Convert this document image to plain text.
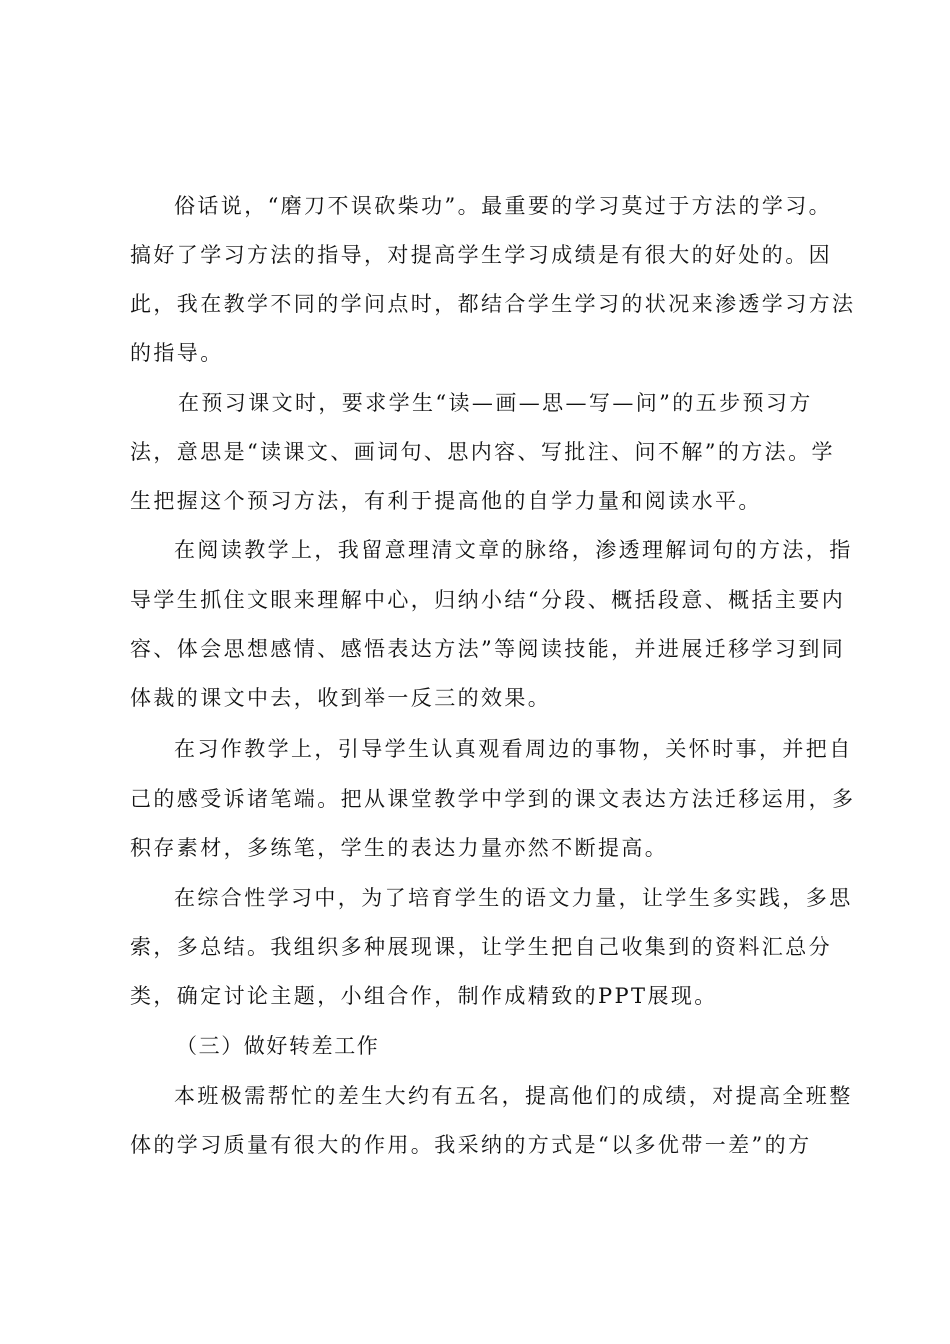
俗话说，“磨刀不误砍柴功”。最重要的学习莫过于方法的学习。
搞好了学习方法的指导，对提高学生学习成绩是有很大的好处的。因
此，我在教学不同的学问点时，都结合学生学习的状况来渗透学习方法
的指导。
在预习课文时，要求学生“读—画—思—写—问”的五步预习方
法，意思是“读课文、画词句、思内容、写批注、问不解”的方法。学
生把握这个预习方法，有利于提高他的自学力量和阅读水平。
在阅读教学上，我留意理清文章的脉络，渗透理解词句的方法，指
导学生抓住文眼来理解中心，归纳小结“分段、概括段意、概括主要内
容、体会思想感情、感悟表达方法”等阅读技能，并进展迁移学习到同
体裁的课文中去，收到举一反三的效果。
在习作教学上，引导学生认真观看周边的事物，关怀时事，并把自
己的感受诉诸笔端。把从课堂教学中学到的课文表达方法迁移运用，多
积存素材，多练笔，学生的表达力量亦然不断提高。
在综合性学习中，为了培育学生的语文力量，让学生多实践，多思
索，多总结。我组织多种展现课，让学生把自己收集到的资料汇总分
类，确定讨论主题，小组合作，制作成精致的PPT展现。
（三）做好转差工作
本班极需帮忙的差生大约有五名，提高他们的成绩，对提高全班整
体的学习质量有很大的作用。我采纳的方式是“以多优带一差”的方
